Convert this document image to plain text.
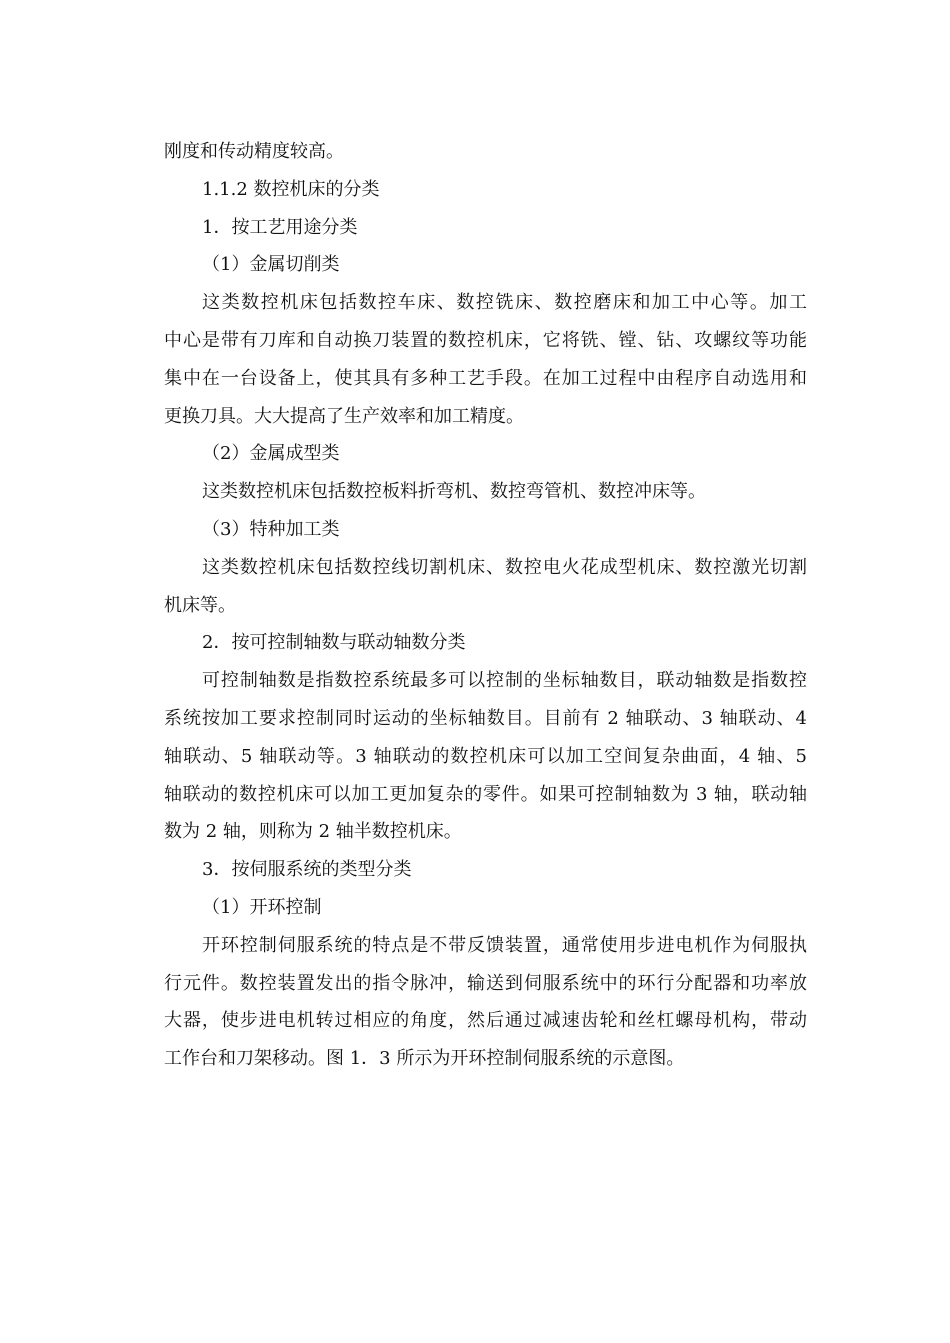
刚度和传动精度较高。
1.1.2 数控机床的分类
1．按工艺用途分类
（1）金属切削类
这类数控机床包括数控车床、数控铣床、数控磨床和加工中心等。加工
中心是带有刀库和自动换刀装置的数控机床，它将铣、镗、钻、攻螺纹等功能
集中在一台设备上，使其具有多种工艺手段。在加工过程中由程序自动选用和
更换刀具。大大提高了生产效率和加工精度。
（2）金属成型类
这类数控机床包括数控板料折弯机、数控弯管机、数控冲床等。
（3）特种加工类
这类数控机床包括数控线切割机床、数控电火花成型机床、数控激光切割
机床等。
2．按可控制轴数与联动轴数分类
可控制轴数是指数控系统最多可以控制的坐标轴数目，联动轴数是指数控
系统按加工要求控制同时运动的坐标轴数目。目前有 2 轴联动、3 轴联动、4
轴联动、5 轴联动等。3 轴联动的数控机床可以加工空间复杂曲面，4 轴、5
轴联动的数控机床可以加工更加复杂的零件。如果可控制轴数为 3 轴，联动轴
数为 2 轴，则称为 2 轴半数控机床。
3．按伺服系统的类型分类
（1）开环控制
开环控制伺服系统的特点是不带反馈装置，通常使用步进电机作为伺服执
行元件。数控装置发出的指令脉冲，输送到伺服系统中的环行分配器和功率放
大器，使步进电机转过相应的角度，然后通过减速齿轮和丝杠螺母机构，带动
工作台和刀架移动。图 1．3 所示为开环控制伺服系统的示意图。
